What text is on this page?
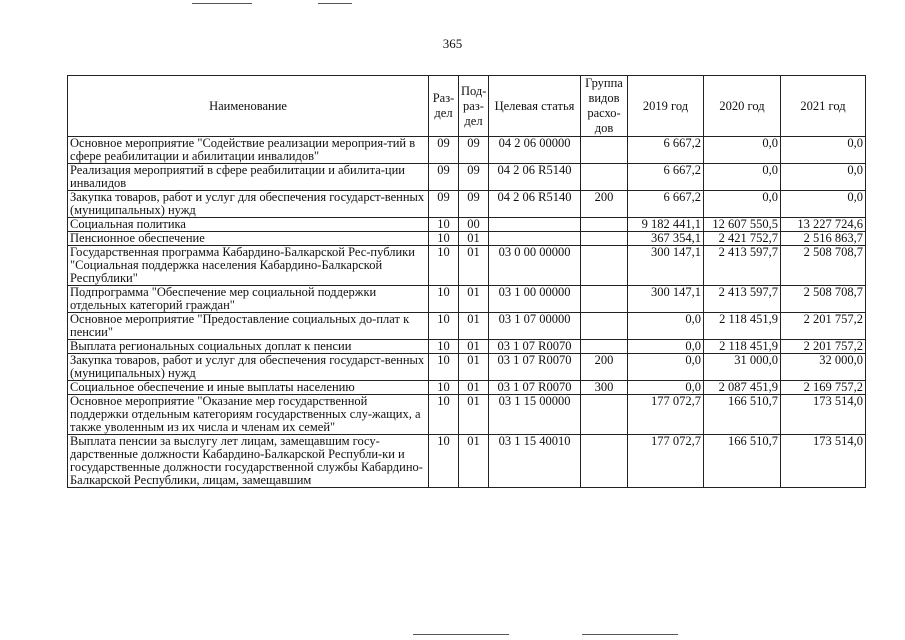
365
Наименование	Раз-дел	Под-раз-дел	Целевая статья	Группа видов расхо-дов	2019 год	2020 год	2021 год
Основное мероприятие "Содействие реализации мероприя-тий в сфере реабилитации и абилитации инвалидов"	09	09	04 2 06 00000		6 667,2	0,0	0,0
Реализация мероприятий в сфере реабилитации и абилита-ции инвалидов	09	09	04 2 06 R5140		6 667,2	0,0	0,0
Закупка товаров, работ и услуг для обеспечения государст-венных (муниципальных) нужд	09	09	04 2 06 R5140	200	6 667,2	0,0	0,0
Социальная политика	10	00			9 182 441,1	12 607 550,5	13 227 724,6
Пенсионное обеспечение	10	01			367 354,1	2 421 752,7	2 516 863,7
Государственная программа Кабардино-Балкарской Рес-публики "Социальная поддержка населения Кабардино-Балкарской Республики"	10	01	03 0 00 00000		300 147,1	2 413 597,7	2 508 708,7
Подпрограмма "Обеспечение мер социальной поддержки отдельных категорий граждан"	10	01	03 1 00 00000		300 147,1	2 413 597,7	2 508 708,7
Основное мероприятие "Предоставление социальных до-плат к пенсии"	10	01	03 1 07 00000		0,0	2 118 451,9	2 201 757,2
Выплата региональных социальных доплат к пенсии	10	01	03 1 07 R0070		0,0	2 118 451,9	2 201 757,2
Закупка товаров, работ и услуг для обеспечения государст-венных (муниципальных) нужд	10	01	03 1 07 R0070	200	0,0	31 000,0	32 000,0
Социальное обеспечение и иные выплаты населению	10	01	03 1 07 R0070	300	0,0	2 087 451,9	2 169 757,2
Основное мероприятие "Оказание мер государственной поддержки отдельным категориям государственных слу-жащих, а также уволенным из их числа и членам их семей"	10	01	03 1 15 00000		177 072,7	166 510,7	173 514,0
Выплата пенсии за выслугу лет лицам, замещавшим госу-дарственные должности Кабардино-Балкарской Республи-ки и государственные должности государственной службы Кабардино-Балкарской Республики, лицам, замещавшим	10	01	03 1 15 40010		177 072,7	166 510,7	173 514,0
